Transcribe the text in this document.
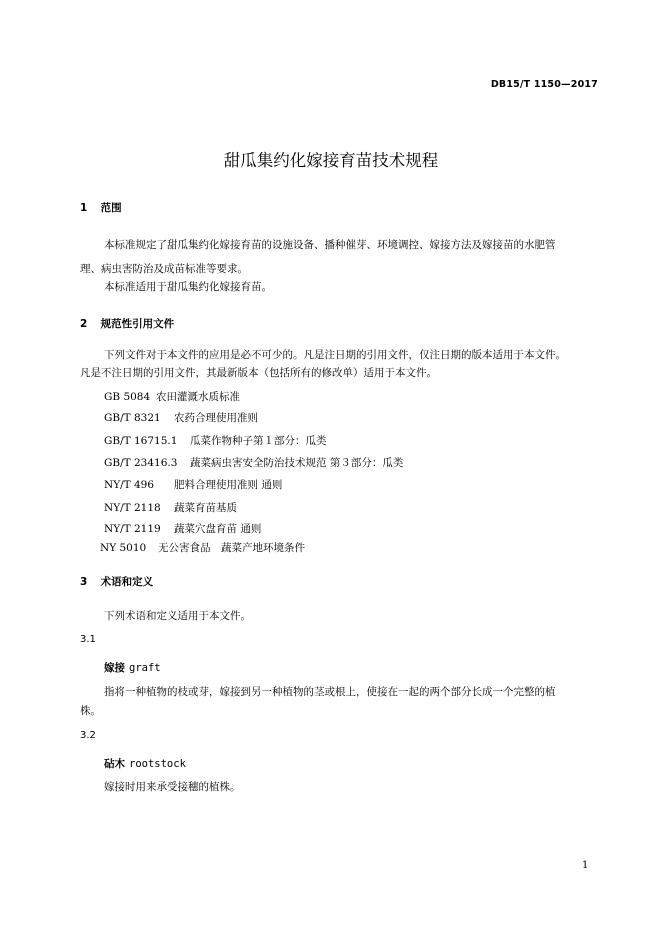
DB15/T 1150—2017
甜瓜集约化嫁接育苗技术规程
1 范围
本标准规定了甜瓜集约化嫁接育苗的设施设备、播种催芽、环境调控、嫁接方法及嫁接苗的水肥管
理、病虫害防治及成苗标准等要求。
本标准适用于甜瓜集约化嫁接育苗。
2 规范性引用文件
下列文件对于本文件的应用是必不可少的。凡是注日期的引用文件，仅注日期的版本适用于本文件。
凡是不注日期的引用文件，其最新版本（包括所有的修改单）适用于本文件。
GB 5084 农田灌溉水质标准
GB/T 8321 农药合理使用准则
GB/T 16715.1 瓜菜作物种子第１部分：瓜类
GB/T 23416.3 蔬菜病虫害安全防治技术规范 第３部分：瓜类
NY/T 496 肥料合理使用准则 通则
NY/T 2118 蔬菜育苗基质
NY/T 2119 蔬菜穴盘育苗 通则
NY 5010 无公害食品　蔬菜产地环境条件
3 术语和定义
下列术语和定义适用于本文件。
3.1
嫁接 graft
指将一种植物的枝或芽，嫁接到另一种植物的茎或根上，使接在一起的两个部分长成一个完整的植
株。
3.2
砧木 rootstock
嫁接时用来承受接穗的植株。
1
